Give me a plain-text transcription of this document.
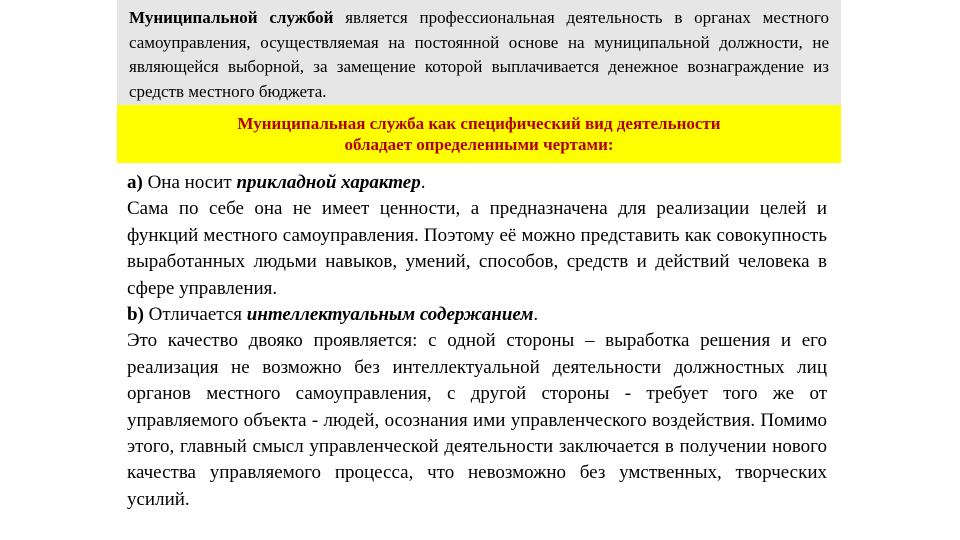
Муниципальной службой является профессиональная деятельность в органах местного самоуправления, осуществляемая на постоянной основе на муниципальной должности, не являющейся выборной, за замещение которой выплачивается денежное вознаграждение из средств местного бюджета.
Муниципальная служба как специфический вид деятельности
обладает определенными чертами:

а) Она носит прикладной характер.

Сама по себе она не имеет ценности, а предназначена для реализации целей и функций местного самоуправления. Поэтому её можно представить как совокупность выработанных людьми навыков, умений, способов, средств и действий человека в сфере управления.

b) Отличается интеллектуальным содержанием.

Это качество двояко проявляется: с одной стороны – выработка решения и его реализация не возможно без интеллектуальной деятельности должностных лиц органов местного самоуправления, с другой стороны - требует того же от управляемого объекта - людей, осознания ими управленческого воздействия. Помимо этого, главный смысл управленческой деятельности заключается в получении нового качества управляемого процесса, что невозможно без умственных, творческих усилий.
